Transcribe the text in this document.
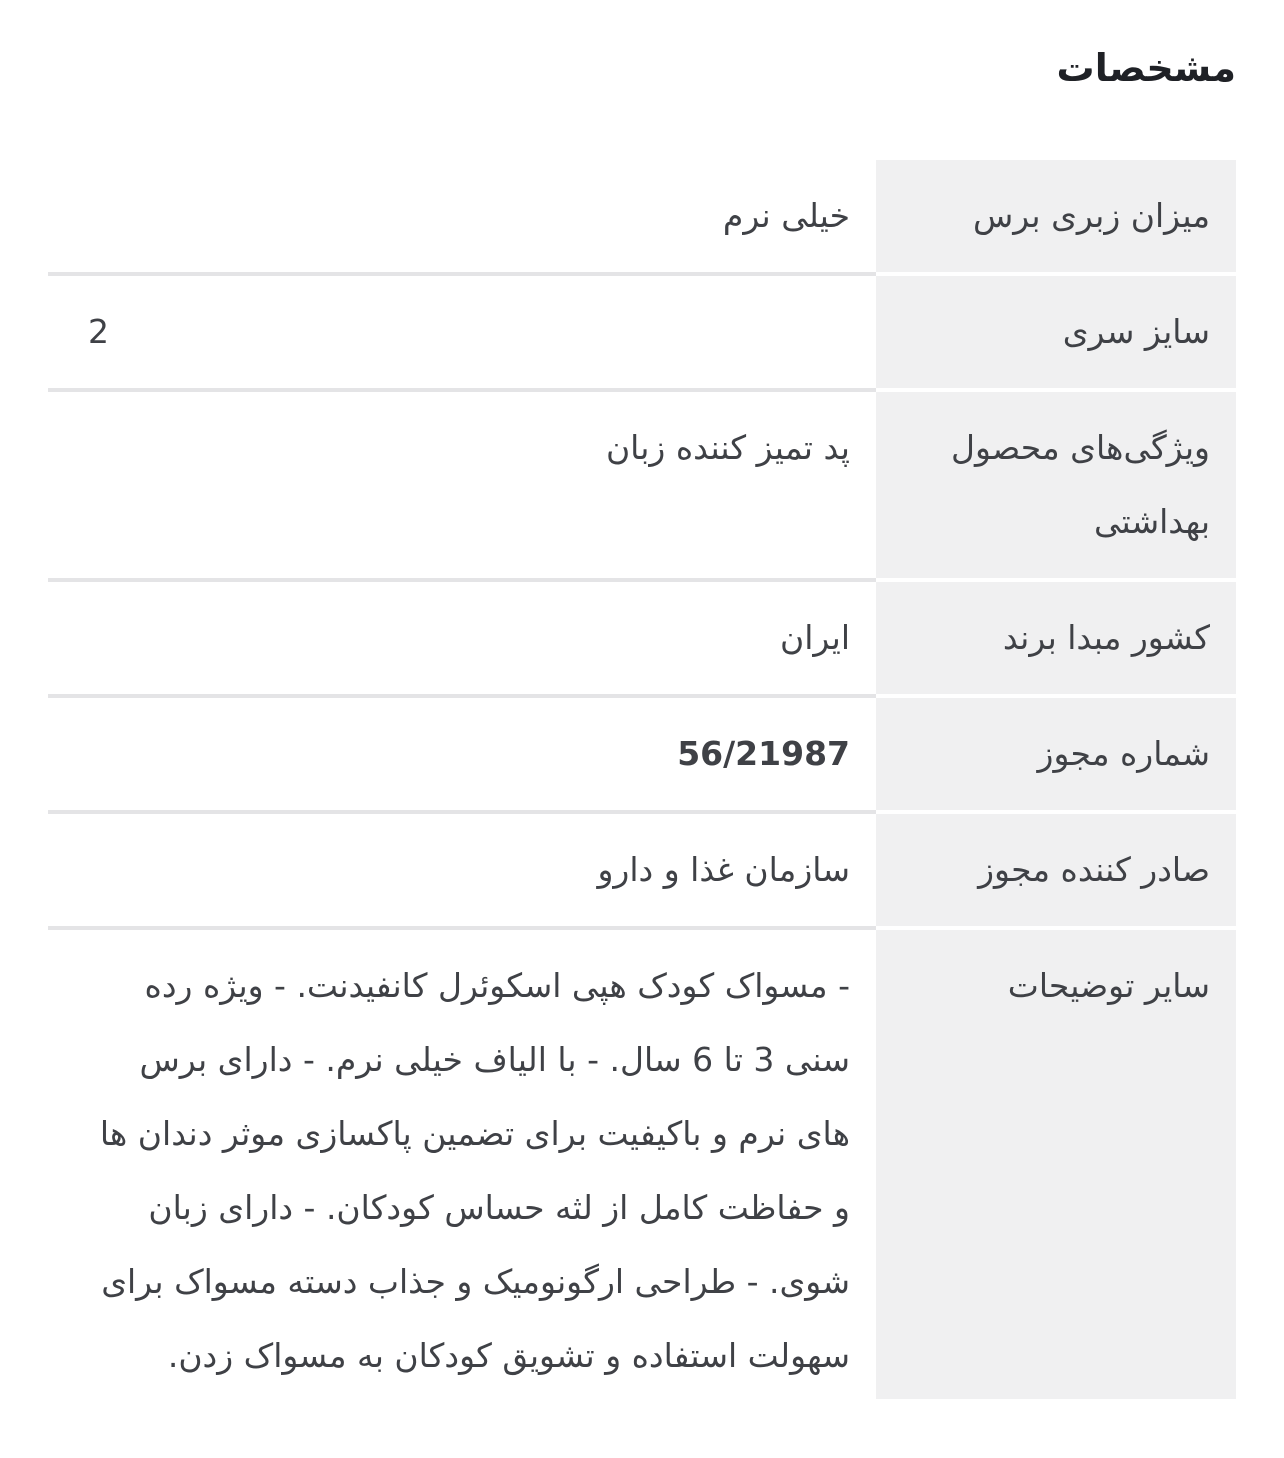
مشخصات
میزان زبری برس	خیلی نرم
سایز سری	2
ویژگی‌های محصول بهداشتی	پد تمیز کننده زبان
کشور مبدا برند	ایران
شماره مجوز	56/21987
صادر کننده مجوز	سازمان غذا و دارو
سایر توضیحات	- مسواک کودک هپی اسکوئرل کانفیدنت. - ویژه رده سنی 3 تا 6 سال. - با الیاف خیلی نرم. - دارای برس های نرم و باکیفیت برای تضمین پاکسازی موثر دندان ها و حفاظت کامل از لثه حساس کودکان. - دارای زبان شوی. - طراحی ارگونومیک و جذاب دسته مسواک برای سهولت استفاده و تشویق کودکان به مسواک زدن.
